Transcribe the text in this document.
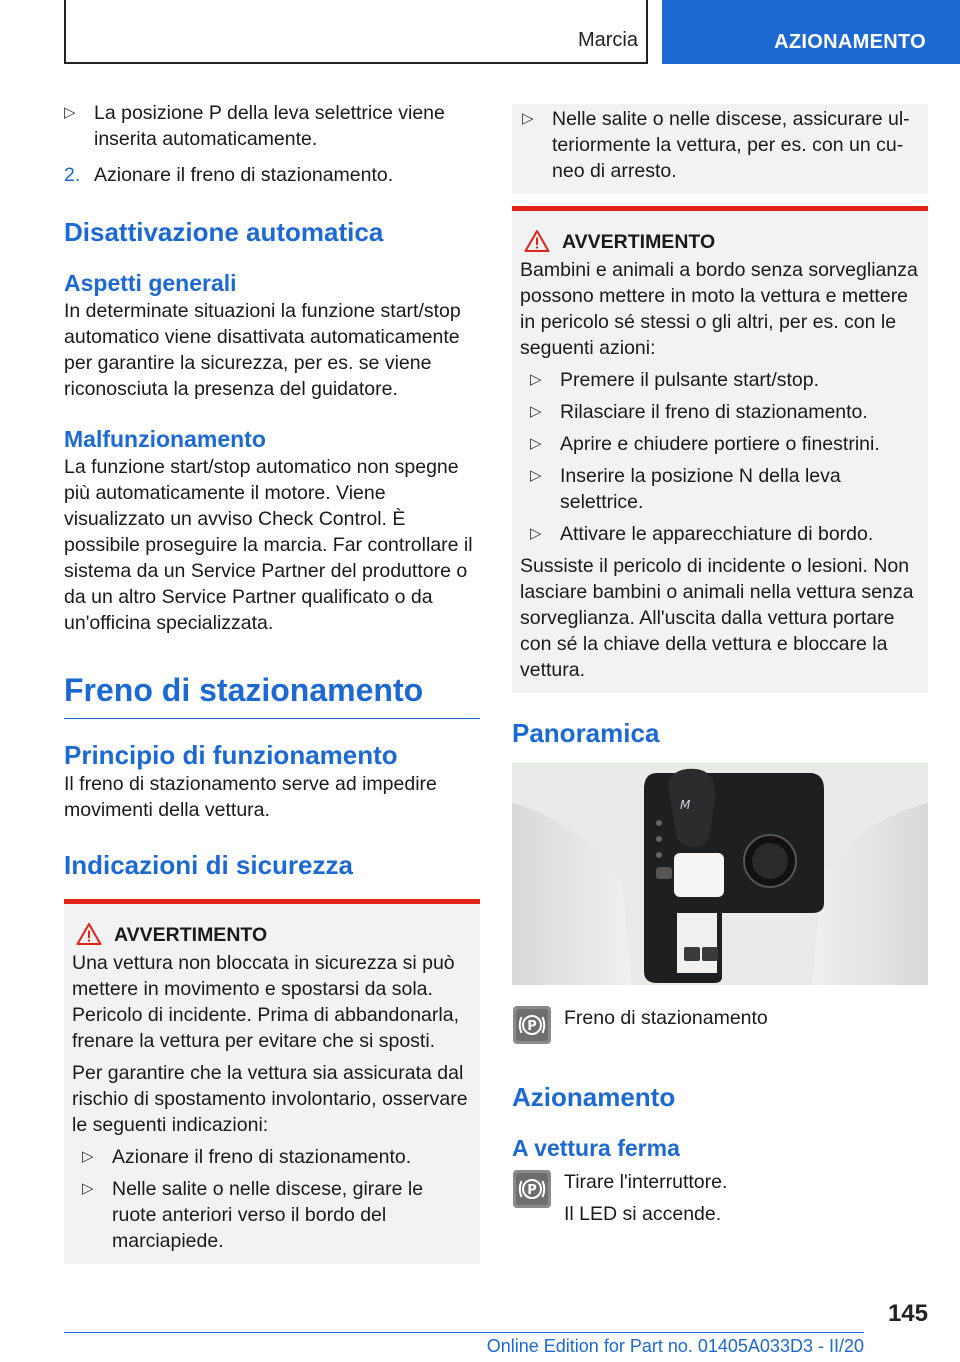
Marcia	AZIONAMENTO
▷ La posizione P della leva selettrice viene inserita automaticamente.
2. Azionare il freno di stazionamento.
Disattivazione automatica
Aspetti generali

In determinate situazioni la funzione start/stop automatico viene disattivata automaticamente per garantire la sicurezza, per es. se viene riconosciuta la presenza del guidatore.

Malfunzionamento

La funzione start/stop automatico non spegne più automaticamente il motore. Viene visualizzato un avviso Check Control. È possibile proseguire la marcia. Far controllare il sistema da un Service Partner del produttore o da un altro Service Partner qualificato o da un'officina specializzata.

Freno di stazionamento
Principio di funzionamento

Il freno di stazionamento serve ad impedire movimenti della vettura.

Indicazioni di sicurezza
AVVERTIMENTO

Una vettura non bloccata in sicurezza si può mettere in movimento e spostarsi da sola. Pericolo di incidente. Prima di abbandonarla, frenare la vettura per evitare che si sposti.

Per garantire che la vettura sia assicurata dal rischio di spostamento involontario, osservare le seguenti indicazioni:

▷ Azionare il freno di stazionamento.
▷ Nelle salite o nelle discese, girare le ruote anteriori verso il bordo del marciapiede.
▷ Nelle salite o nelle discese, assicurare ulteriormente la vettura, per es. con un cuneo di arresto.
AVVERTIMENTO

Bambini e animali a bordo senza sorveglianza possono mettere in moto la vettura e mettere in pericolo sé stessi o gli altri, per es. con le seguenti azioni:

▷ Premere il pulsante start/stop.
▷ Rilasciare il freno di stazionamento.
▷ Aprire e chiudere portiere o finestrini.
▷ Inserire la posizione N della leva selettrice.
▷ Attivare le apparecchiature di bordo.

Sussiste il pericolo di incidente o lesioni. Non lasciare bambini o animali nella vettura senza sorveglianza. All'uscita dalla vettura portare con sé la chiave della vettura e bloccare la vettura.

Panoramica
M
P Freno di stazionamento

Azionamento
A vettura ferma
P Tirare l'interruttore.

Il LED si accende.

145
Online Edition for Part no. 01405A033D3 - II/20
